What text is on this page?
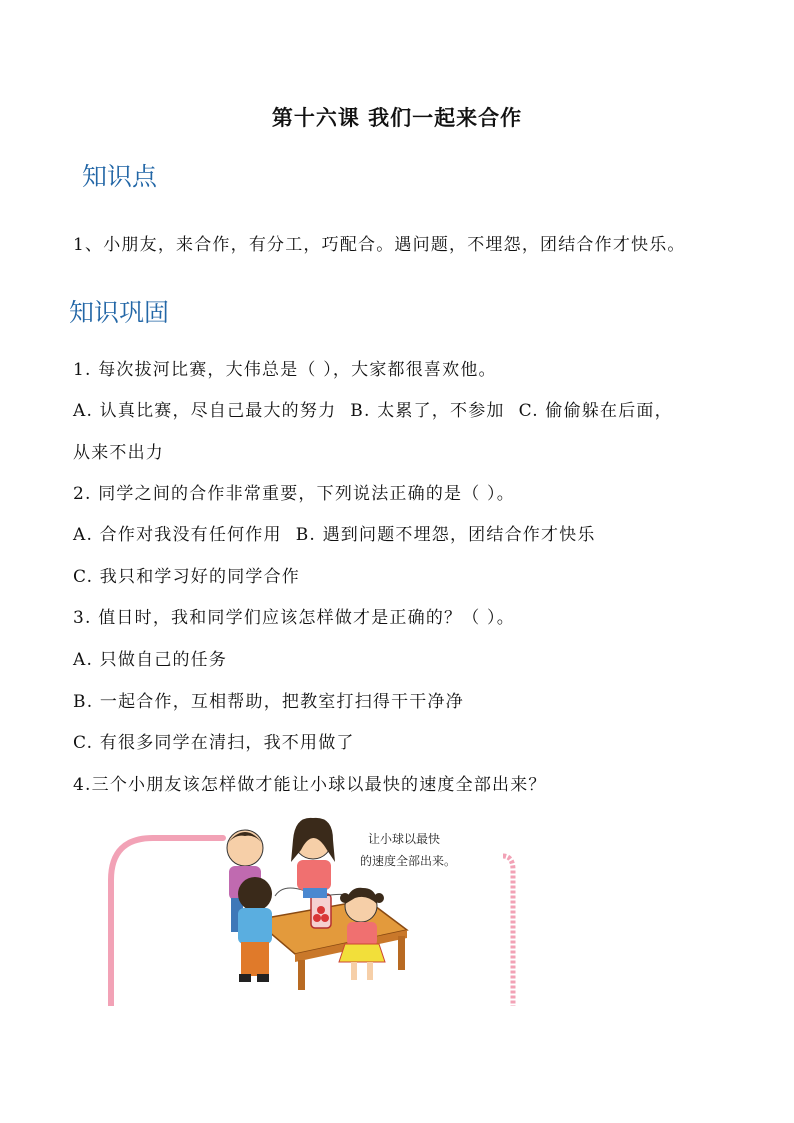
第十六课 我们一起来合作
知识点
1、小朋友，来合作，有分工，巧配合。遇问题，不埋怨，团结合作才快乐。
知识巩固
1. 每次拔河比赛，大伟总是（ ），大家都很喜欢他。
A. 认真比赛，尽自己最大的努力 B. 太累了，不参加 C. 偷偷躲在后面，
从来不出力
2. 同学之间的合作非常重要，下列说法正确的是（ ）。
A. 合作对我没有任何作用 B. 遇到问题不埋怨，团结合作才快乐
C. 我只和学习好的同学合作
3. 值日时，我和同学们应该怎样做才是正确的？（ ）。
A. 只做自己的任务
B. 一起合作，互相帮助，把教室打扫得干干净净
C. 有很多同学在清扫，我不用做了
4.三个小朋友该怎样做才能让小球以最快的速度全部出来？
让小球以最快
的速度全部出来。
